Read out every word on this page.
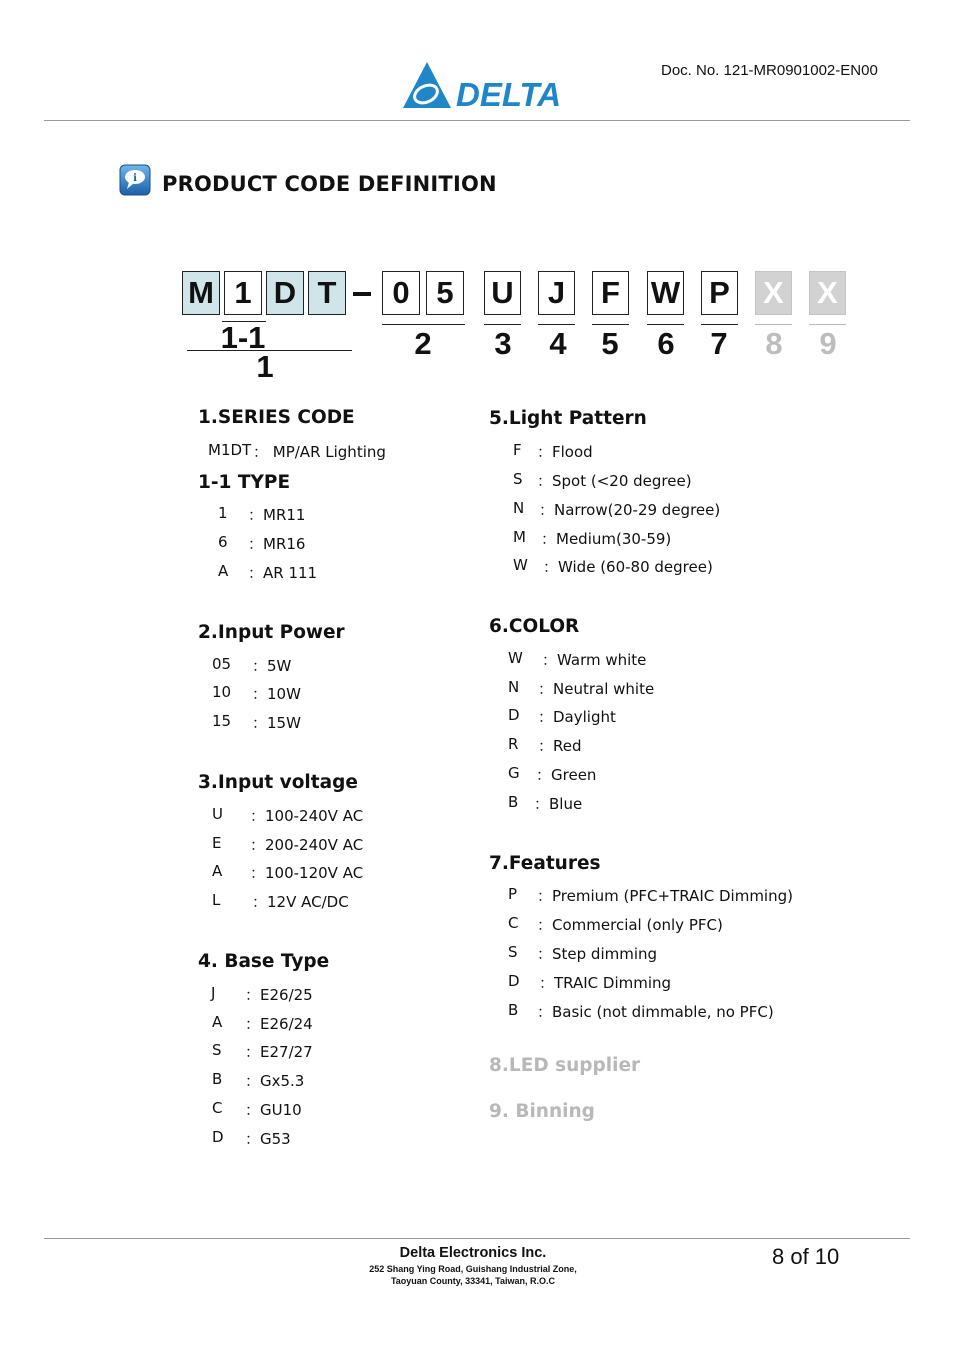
Doc. No. 121-MR0901002-EN00
DELTA
i PRODUCT CODE DEFINITION
M 1 D T	0 5	U	J	F W P X X
1-1
1
2	3	4	5	6	7	8	9
1.SERIES CODE
M1DT ： MP/AR Lighting
1-1 TYPE
1 ：MR11
6 ：MR16
A ：AR 111
2.Input Power
05 ：5W
10 ：10W
15 ：15W
3.Input voltage
U ：100-240V AC
E ：200-240V AC
A ：100-120V AC
L ：12V AC/DC
4. Base Type
J ：E26/25
A ：E26/24
S ：E27/27
B ：Gx5.3
C ：GU10
D ：G53
5.Light Pattern
F ：Flood
S ：Spot (<20 degree)
N ：Narrow(20-29 degree)
M ：Medium(30-59)
W ：Wide (60-80 degree)
6.COLOR
W ：Warm white
N ：Neutral white
D ：Daylight
R ：Red
G ：Green
B ：Blue
7.Features
P ：Premium (PFC+TRAIC Dimming)
C ：Commercial (only PFC)
S ：Step dimming
D ：TRAIC Dimming
B ：Basic (not dimmable, no PFC)
8.LED supplier
9. Binning
Delta Electronics Inc.
252 Shang Ying Road, Guishang Industrial Zone,
Taoyuan County, 33341, Taiwan, R.O.C
8 of 10
